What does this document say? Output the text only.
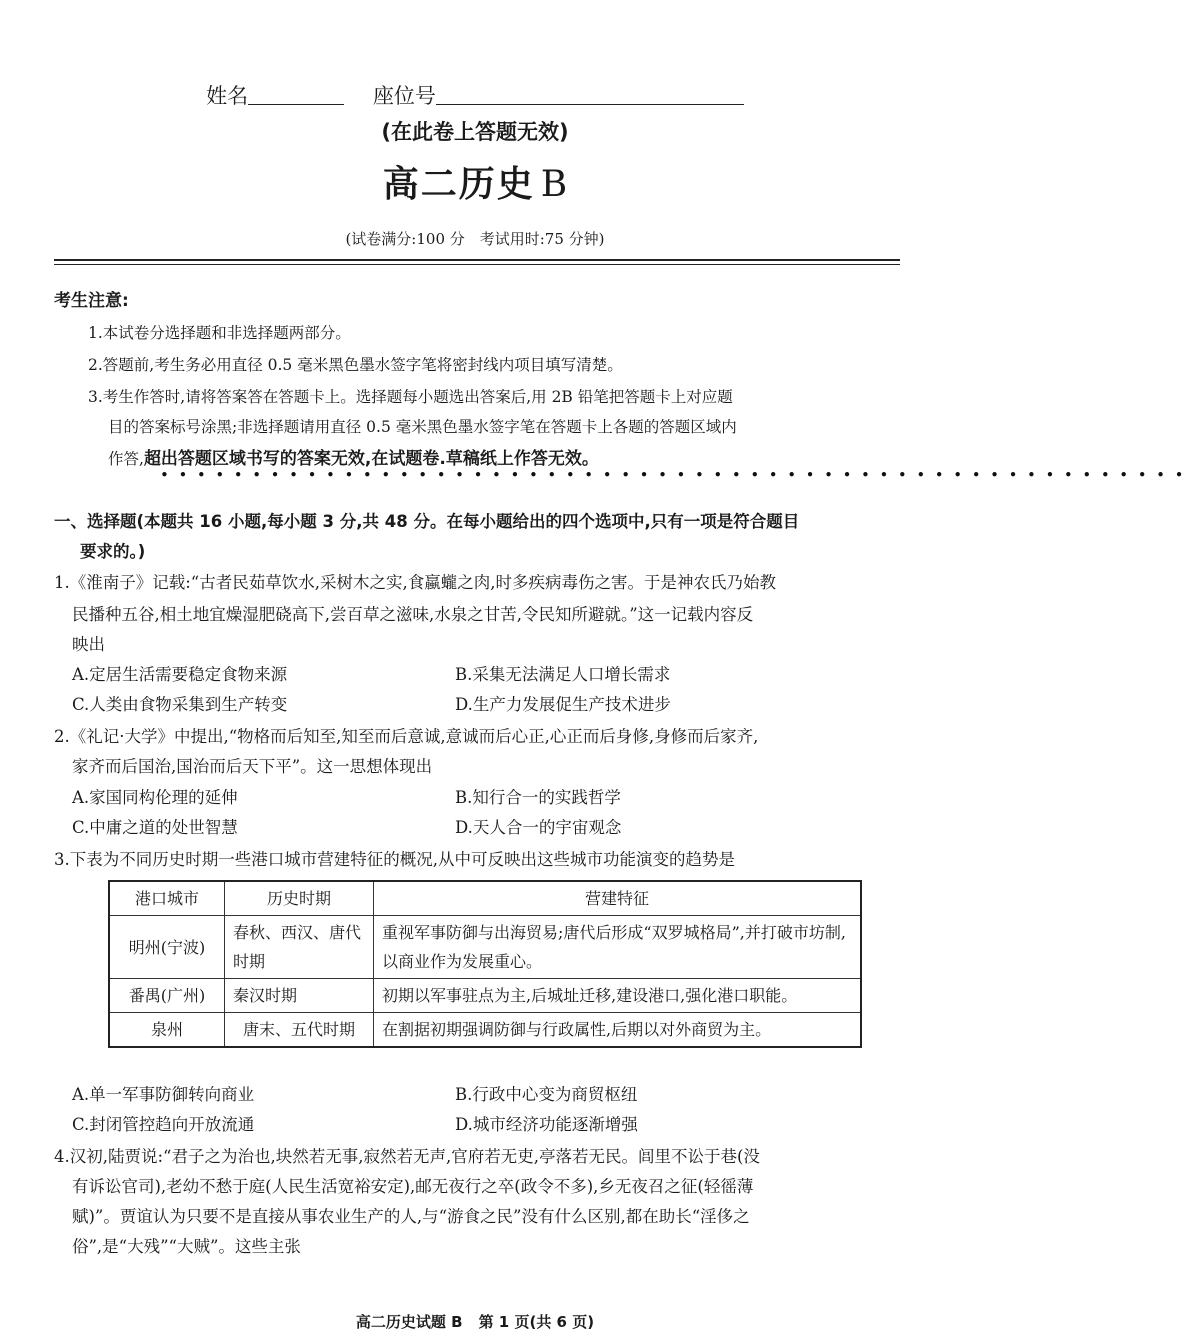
姓名	座位号
(在此卷上答题无效)
高二历史 B
(试卷满分:100 分　考试用时:75 分钟)
考生注意:
1.本试卷分选择题和非选择题两部分。
2.答题前,考生务必用直径 0.5 毫米黑色墨水签字笔将密封线内项目填写清楚。
3.考生作答时,请将答案答在答题卡上。选择题每小题选出答案后,用 2B 铅笔把答题卡上对应题
目的答案标号涂黑;非选择题请用直径 0.5 毫米黑色墨水签字笔在答题卡上各题的答题区域内
作答,超出答题区域书写的答案无效,在试题卷.草稿纸上作答无效。
••••••••••••••••••••••••••••••••••••••••••••••••••••••••
一、选择题(本题共 16 小题,每小题 3 分,共 48 分。在每小题给出的四个选项中,只有一项是符合题目
要求的。)
1.《淮南子》记载:“古者民茹草饮水,采树木之实,食蠃蠬之肉,时多疾病毒伤之害。于是神农氏乃始教
民播种五谷,相土地宜燥湿肥硗高下,尝百草之滋味,水泉之甘苦,令民知所避就。”这一记载内容反
映出
A.定居生活需要稳定食物来源	B.采集无法满足人口增长需求
C.人类由食物采集到生产转变	D.生产力发展促生产技术进步
2.《礼记·大学》中提出,“物格而后知至,知至而后意诚,意诚而后心正,心正而后身修,身修而后家齐,
家齐而后国治,国治而后天下平”。这一思想体现出
A.家国同构伦理的延伸	B.知行合一的实践哲学
C.中庸之道的处世智慧	D.天人合一的宇宙观念
3.下表为不同历史时期一些港口城市营建特征的概况,从中可反映出这些城市功能演变的趋势是
港口城市	历史时期	营建特征
明州(宁波)	春秋、西汉、唐代时期	重视军事防御与出海贸易;唐代后形成“双罗城格局”,并打破市坊制,以商业作为发展重心。
番禺(广州)	秦汉时期	初期以军事驻点为主,后城址迁移,建设港口,强化港口职能。
泉州	唐末、五代时期	在割据初期强调防御与行政属性,后期以对外商贸为主。
A.单一军事防御转向商业	B.行政中心变为商贸枢纽
C.封闭管控趋向开放流通	D.城市经济功能逐渐增强
4.汉初,陆贾说:“君子之为治也,块然若无事,寂然若无声,官府若无吏,亭落若无民。闾里不讼于巷(没
有诉讼官司),老幼不愁于庭(人民生活宽裕安定),邮无夜行之卒(政令不多),乡无夜召之征(轻徭薄
赋)”。贾谊认为只要不是直接从事农业生产的人,与“游食之民”没有什么区别,都在助长“淫侈之
俗”,是“大残”“大贼”。这些主张
高二历史试题 B 第 1 页(共 6 页)
